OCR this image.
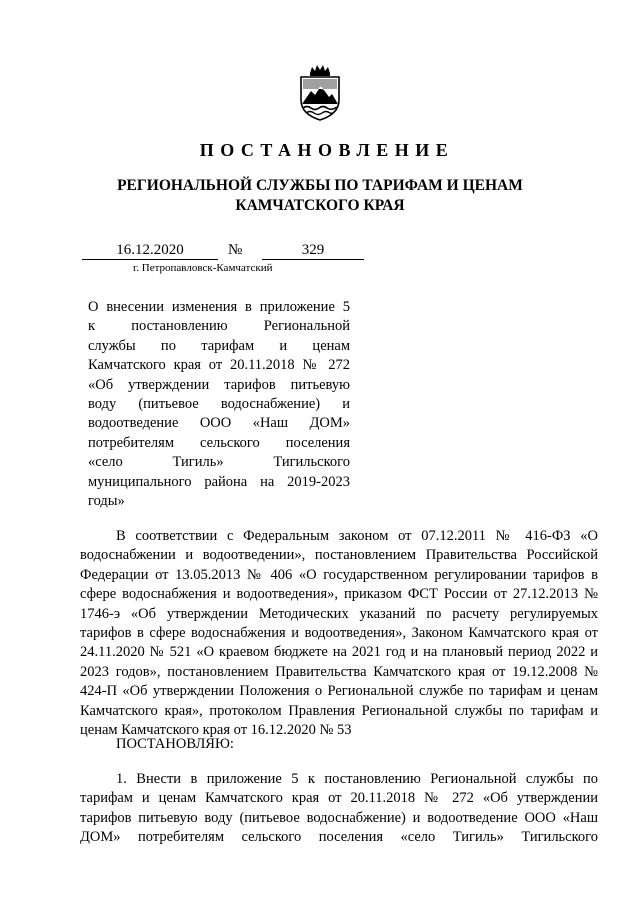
ПОСТАНОВЛЕНИЕ
РЕГИОНАЛЬНОЙ СЛУЖБЫ ПО ТАРИФАМ И ЦЕНАМ
КАМЧАТСКОГО КРАЯ
16.12.2020	№	329
г. Петропавловск-Камчатский
О внесении изменения в приложение 5
к постановлению Региональной
службы по тарифам и ценам
Камчатского края от 20.11.2018 № 272
«Об утверждении тарифов питьевую
воду (питьевое водоснабжение) и
водоотведение ООО «Наш ДОМ»
потребителям сельского поселения
«село Тигиль» Тигильского
муниципального района на 2019-2023
годы»
В соответствии с Федеральным законом от 07.12.2011 № 416-ФЗ «О
водоснабжении и водоотведении», постановлением Правительства Российской
Федерации от 13.05.2013 № 406 «О государственном регулировании тарифов в
сфере водоснабжения и водоотведения», приказом ФСТ России от 27.12.2013 №
1746-э «Об утверждении Методических указаний по расчету регулируемых
тарифов в сфере водоснабжения и водоотведения», Законом Камчатского края от
24.11.2020 № 521 «О краевом бюджете на 2021 год и на плановый период 2022 и
2023 годов», постановлением Правительства Камчатского края от 19.12.2008 №
424-П «Об утверждении Положения о Региональной службе по тарифам и ценам
Камчатского края», протоколом Правления Региональной службы по тарифам и
ценам Камчатского края от 16.12.2020 № 53
ПОСТАНОВЛЯЮ:
1. Внести в приложение 5 к постановлению Региональной службы по
тарифам и ценам Камчатского края от 20.11.2018 № 272 «Об утверждении
тарифов питьевую воду (питьевое водоснабжение) и водоотведение ООО «Наш
ДОМ» потребителям сельского поселения «село Тигиль» Тигильского
